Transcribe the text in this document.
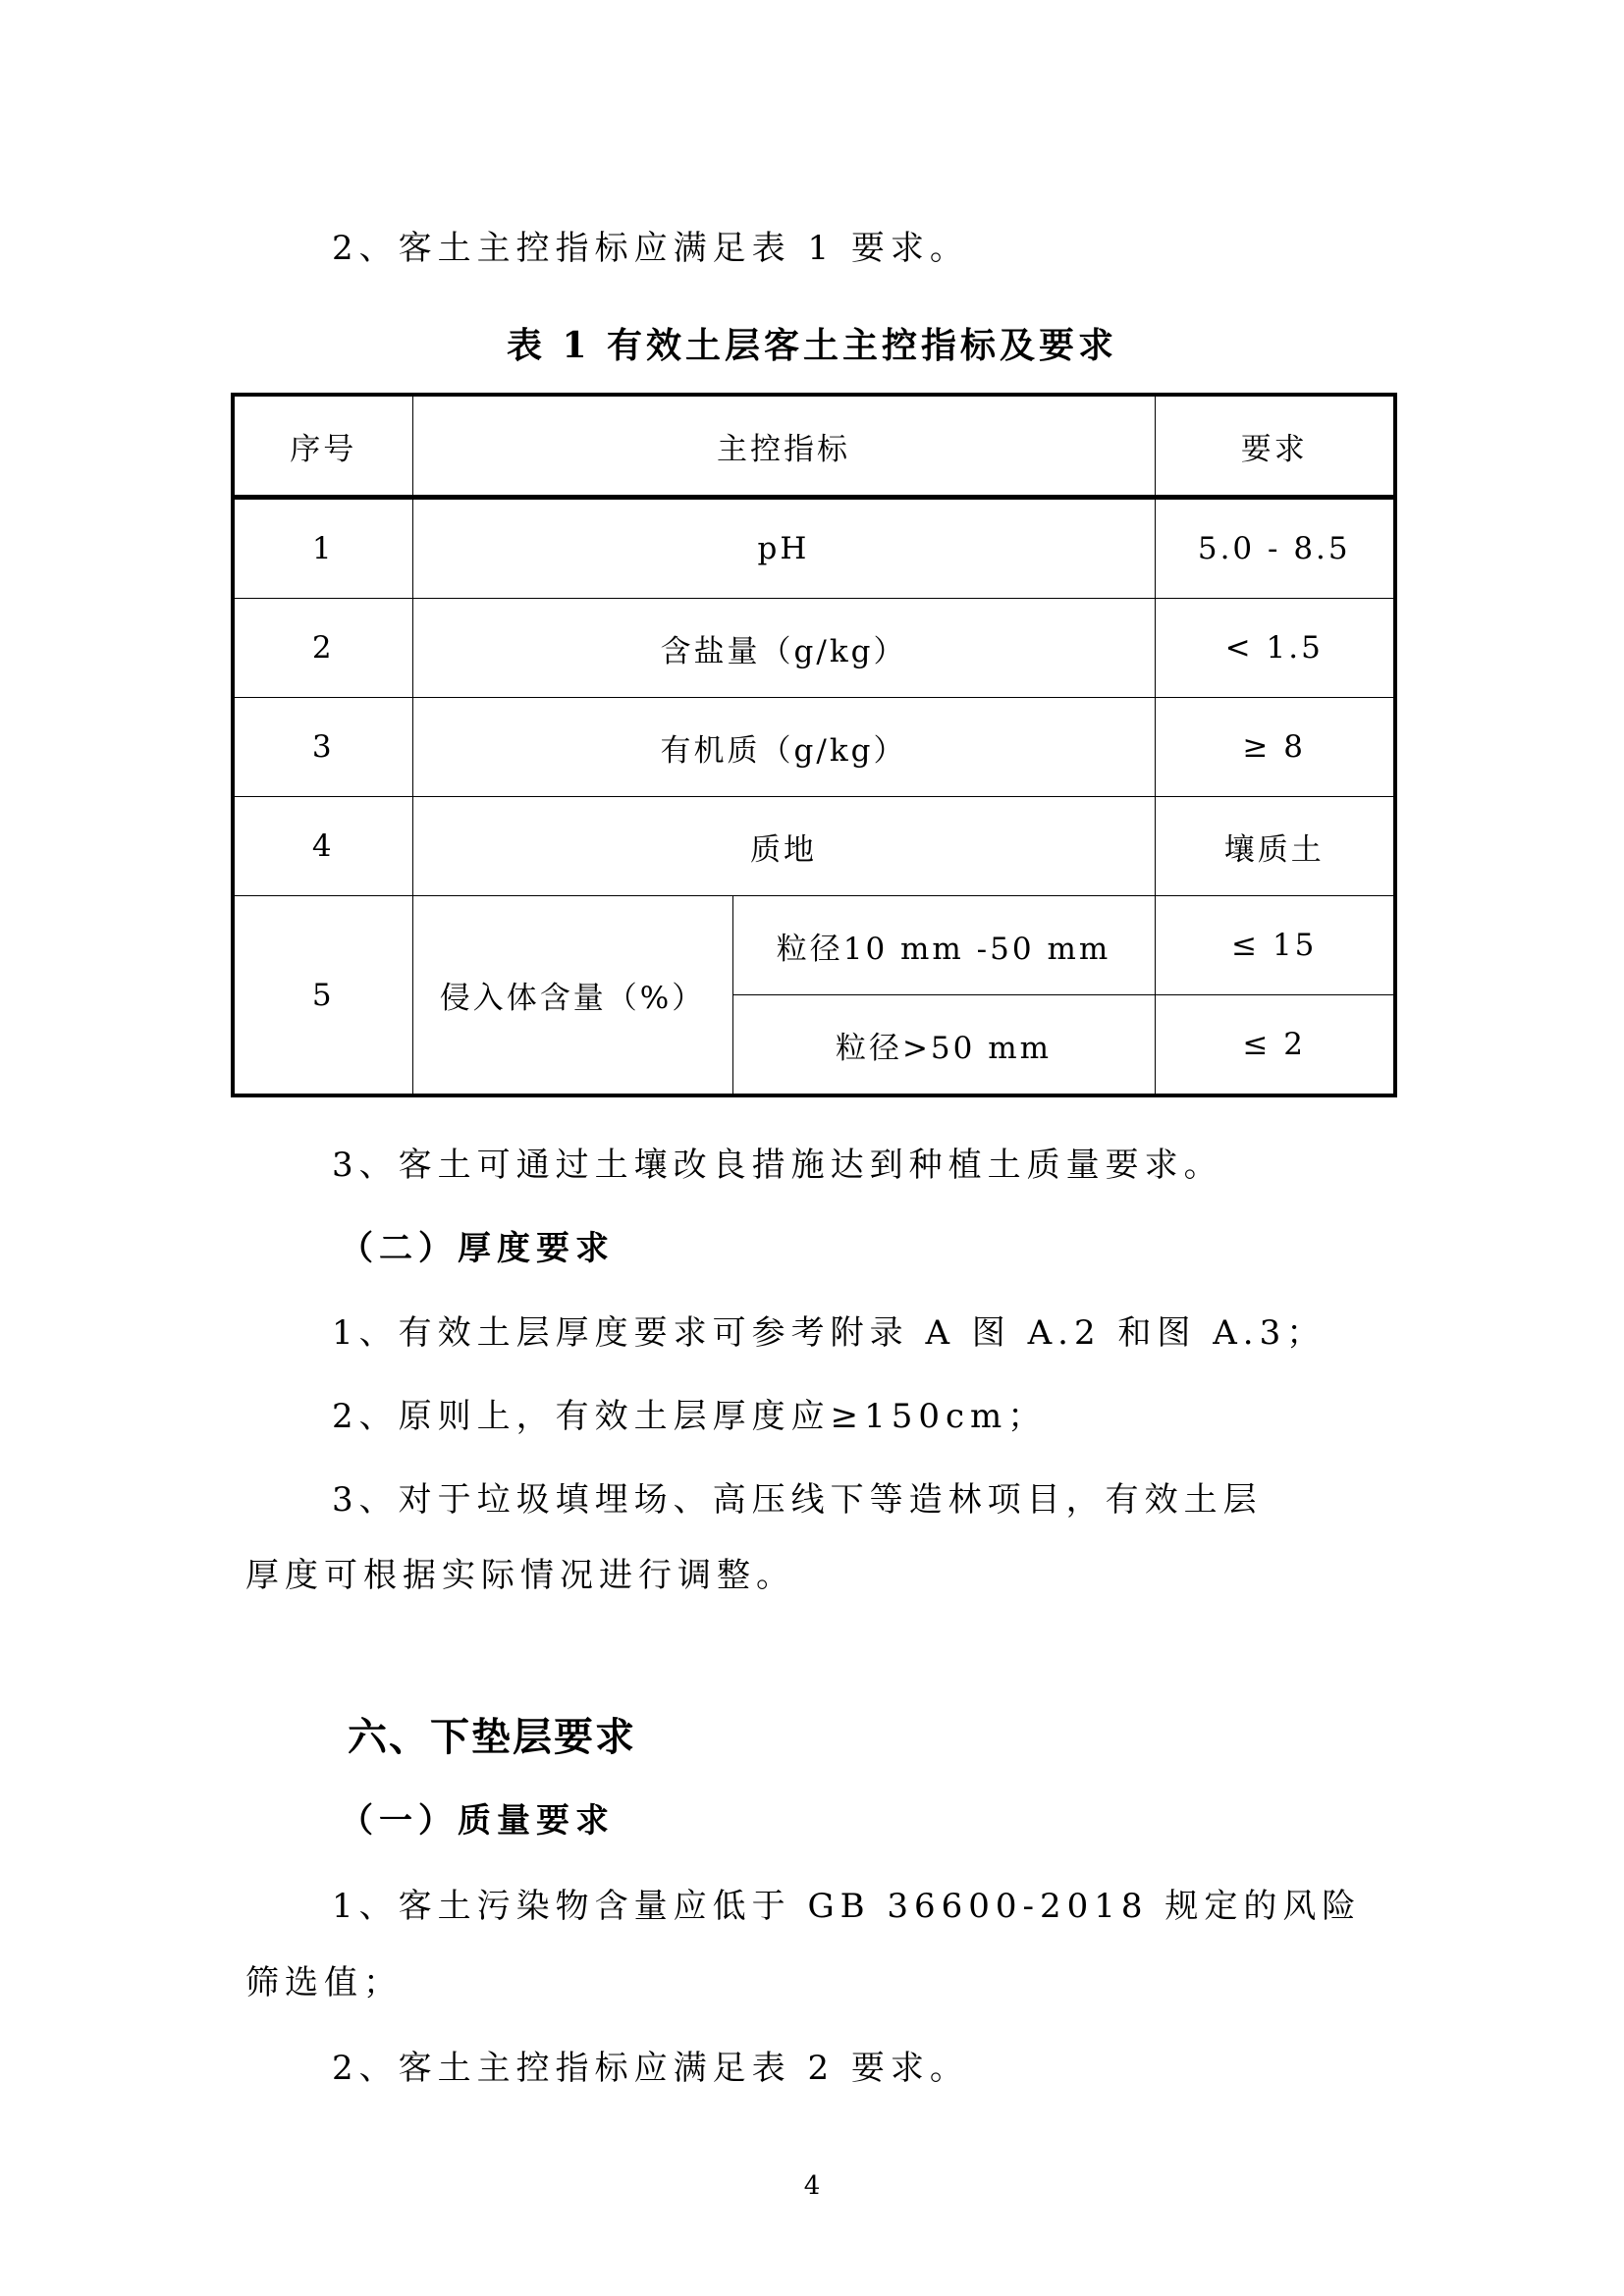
2、客土主控指标应满足表 1 要求。
表 1 有效土层客土主控指标及要求
序号	主控指标		要求
1	pH		5.0 - 8.5
2	含盐量（g/kg）		< 1.5
3	有机质（g/kg）		≥ 8
4	质地		壤质土
5	侵入体含量（%）	粒径10 mm -50 mm	≤ 15
		粒径>50 mm	≤ 2
3、客土可通过土壤改良措施达到种植土质量要求。
（二）厚度要求
1、有效土层厚度要求可参考附录 A 图 A.2 和图 A.3；
2、原则上，有效土层厚度应≥150cm；
3、对于垃圾填埋场、高压线下等造林项目，有效土层
厚度可根据实际情况进行调整。
六、下垫层要求
（一）质量要求
1、客土污染物含量应低于 GB 36600-2018 规定的风险
筛选值；
2、客土主控指标应满足表 2 要求。
4
